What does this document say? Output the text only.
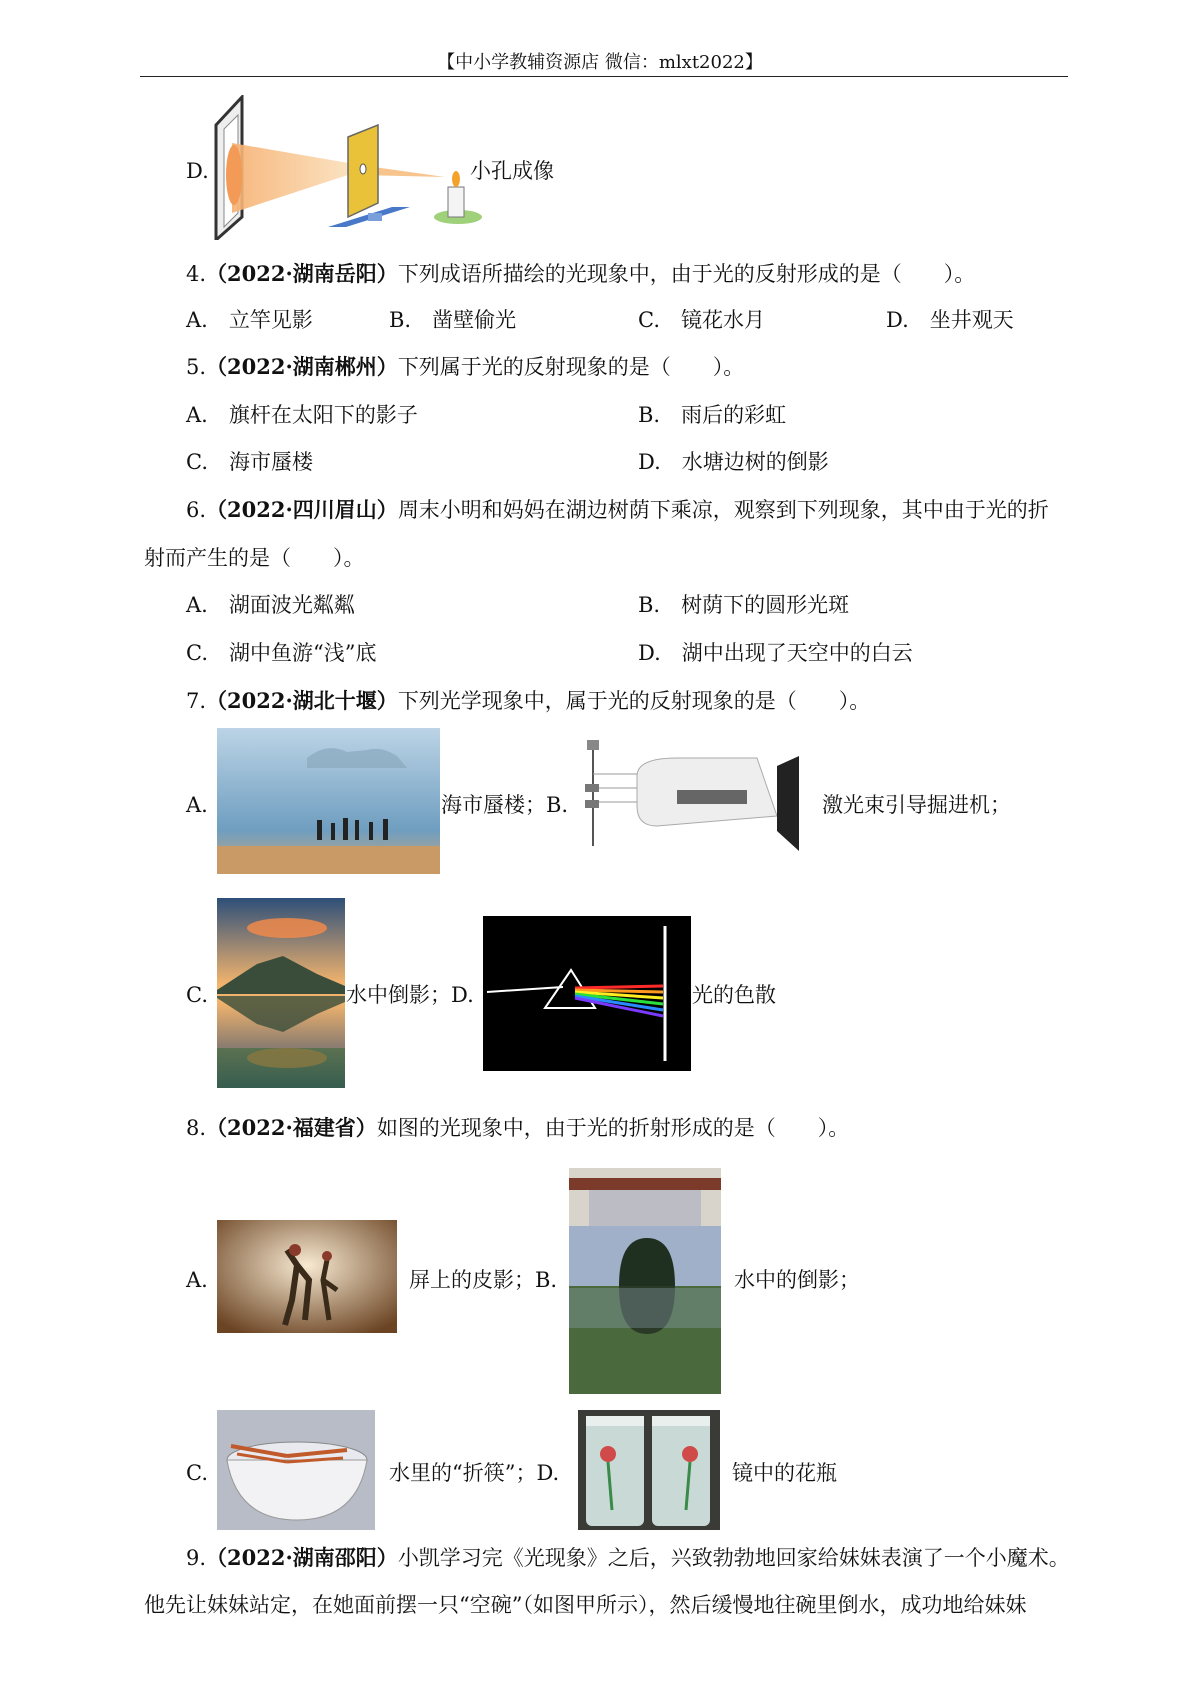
【中小学教辅资源店 微信：mlxt2022】
D.	小孔成像
4.（2022·湖南岳阳）下列成语所描绘的光现象中，由于光的反射形成的是（　　）。
A.　立竿见影	B.　凿壁偷光	C.　镜花水月	D.　坐井观天
5.（2022·湖南郴州）下列属于光的反射现象的是（　　）。
A.　旗杆在太阳下的影子	B.　雨后的彩虹
C.　海市蜃楼	D.　水塘边树的倒影
6.（2022·四川眉山）周末小明和妈妈在湖边树荫下乘凉，观察到下列现象，其中由于光的折
射而产生的是（　　）。
A.　湖面波光粼粼	B.　树荫下的圆形光斑
C.　湖中鱼游“浅”底	D.　湖中出现了天空中的白云
7.（2022·湖北十堰）下列光学现象中，属于光的反射现象的是（　　）。
A.	海市蜃楼；B.	激光束引导掘进机；
C.	水中倒影；D.	光的色散
8.（2022·福建省）如图的光现象中，由于光的折射形成的是（　　）。
A.	屏上的皮影；B.	水中的倒影；
C.	水里的“折筷”；D.	镜中的花瓶
9.（2022·湖南邵阳）小凯学习完《光现象》之后，兴致勃勃地回家给妹妹表演了一个小魔术。
他先让妹妹站定，在她面前摆一只“空碗”（如图甲所示），然后缓慢地往碗里倒水，成功地给妹妹
